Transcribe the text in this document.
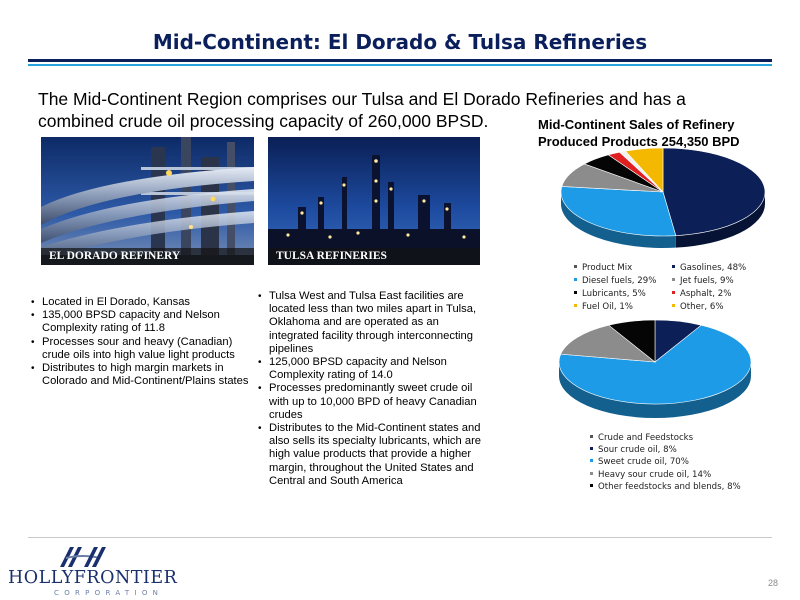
Mid-Continent: El Dorado & Tulsa Refineries
The Mid-Continent Region comprises our Tulsa and El Dorado Refineries and has a combined crude oil processing capacity of 260,000 BPSD.
EL DORADO REFINERY	TULSA REFINERIES
• Located in El Dorado, Kansas
• 135,000 BPSD capacity and Nelson Complexity rating of 11.8
• Processes sour and heavy (Canadian) crude oils into high value light products
• Distributes to high margin markets in Colorado and Mid-Continent/Plains states
• Tulsa West and Tulsa East facilities are located less than two miles apart in Tulsa, Oklahoma and are operated as an integrated facility through interconnecting pipelines
• 125,000 BPSD capacity and Nelson Complexity rating of 14.0
• Processes predominantly sweet crude oil with up to 10,000 BPD of heavy Canadian crudes
• Distributes to the Mid-Continent states and also sells its specialty lubricants, which are high value products that provide a higher margin, throughout the United States and Central and South America
Mid-Continent Sales of Refinery Produced Products 254,350 BPD
Product Mix	Gasolines, 48%
Diesel fuels, 29%	Jet fuels, 9%
Lubricants, 5%	Asphalt, 2%
Fuel Oil, 1%	Other, 6%
Crude and Feedstocks
Sour crude oil, 8%
Sweet crude oil, 70%
Heavy sour crude oil, 14%
Other feedstocks and blends, 8%
HOLLYFRONTIER
CORPORATION
28
